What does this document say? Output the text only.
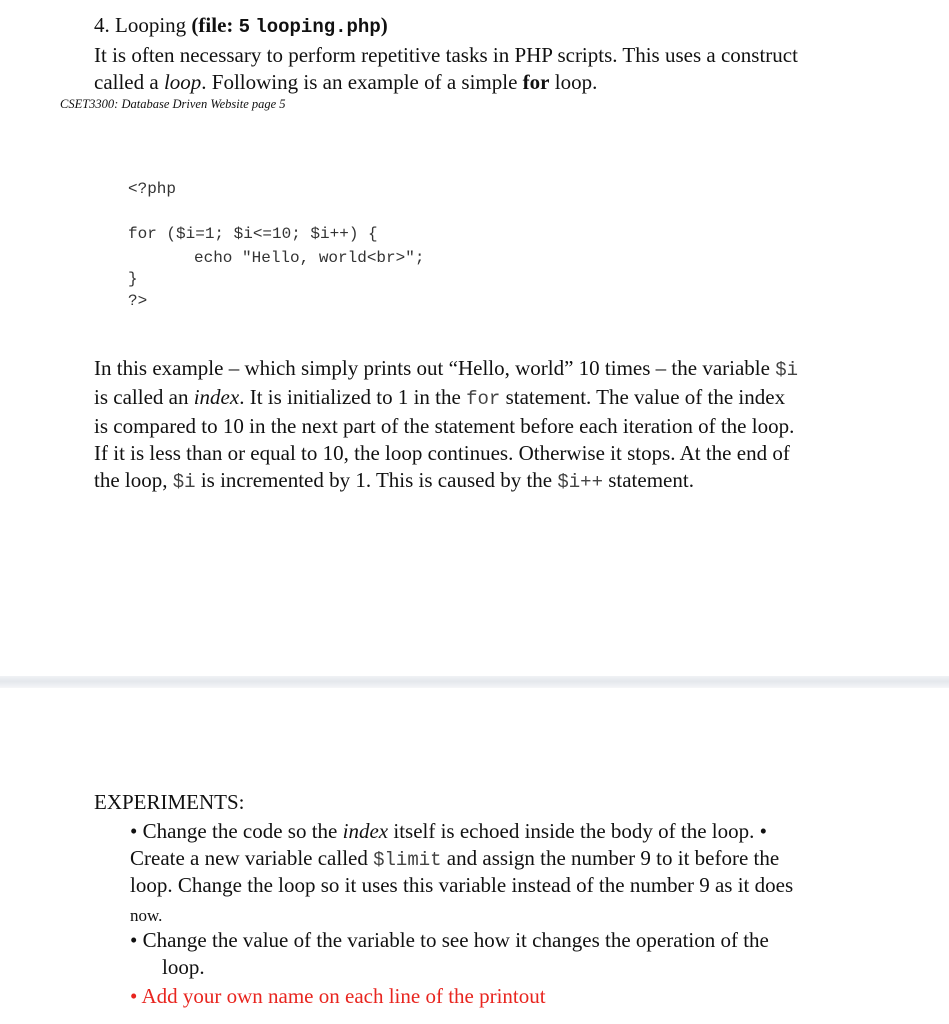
4. Looping (file: 5 looping.php)
It is often necessary to perform repetitive tasks in PHP scripts. This uses a construct
called a loop. Following is an example of a simple for loop.
CSET3300: Database Driven Website page 5
<?php
for ($i=1; $i<=10; $i++) {
echo "Hello, world<br>";
}
?>
In this example – which simply prints out “Hello, world” 10 times – the variable $i
is called an index. It is initialized to 1 in the for statement. The value of the index
is compared to 10 in the next part of the statement before each iteration of the loop.
If it is less than or equal to 10, the loop continues. Otherwise it stops. At the end of
the loop, $i is incremented by 1. This is caused by the $i++ statement.
EXPERIMENTS:
• Change the code so the index itself is echoed inside the body of the loop. •
Create a new variable called $limit and assign the number 9 to it before the
loop. Change the loop so it uses this variable instead of the number 9 as it does
now.
• Change the value of the variable to see how it changes the operation of the
loop.
• Add your own name on each line of the printout
